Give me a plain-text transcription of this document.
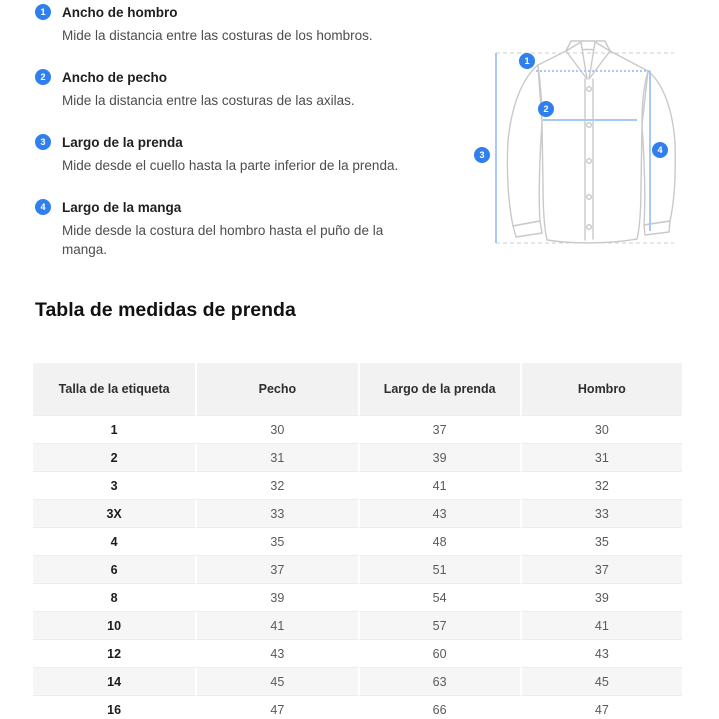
1	Ancho de hombro
Mide la distancia entre las costuras de los hombros.
2	Ancho de pecho
Mide la distancia entre las costuras de las axilas.
3	Largo de la prenda
Mide desde el cuello hasta la parte inferior de la prenda.
4	Largo de la manga
Mide desde la costura del hombro hasta el puño de la manga.
1
2
3	4
Tabla de medidas de prenda
Talla de la etiqueta	Pecho	Largo de la prenda	Hombro
1	30	37	30
2	31	39	31
3	32	41	32
3X	33	43	33
4	35	48	35
6	37	51	37
8	39	54	39
10	41	57	41
12	43	60	43
14	45	63	45
16	47	66	47
